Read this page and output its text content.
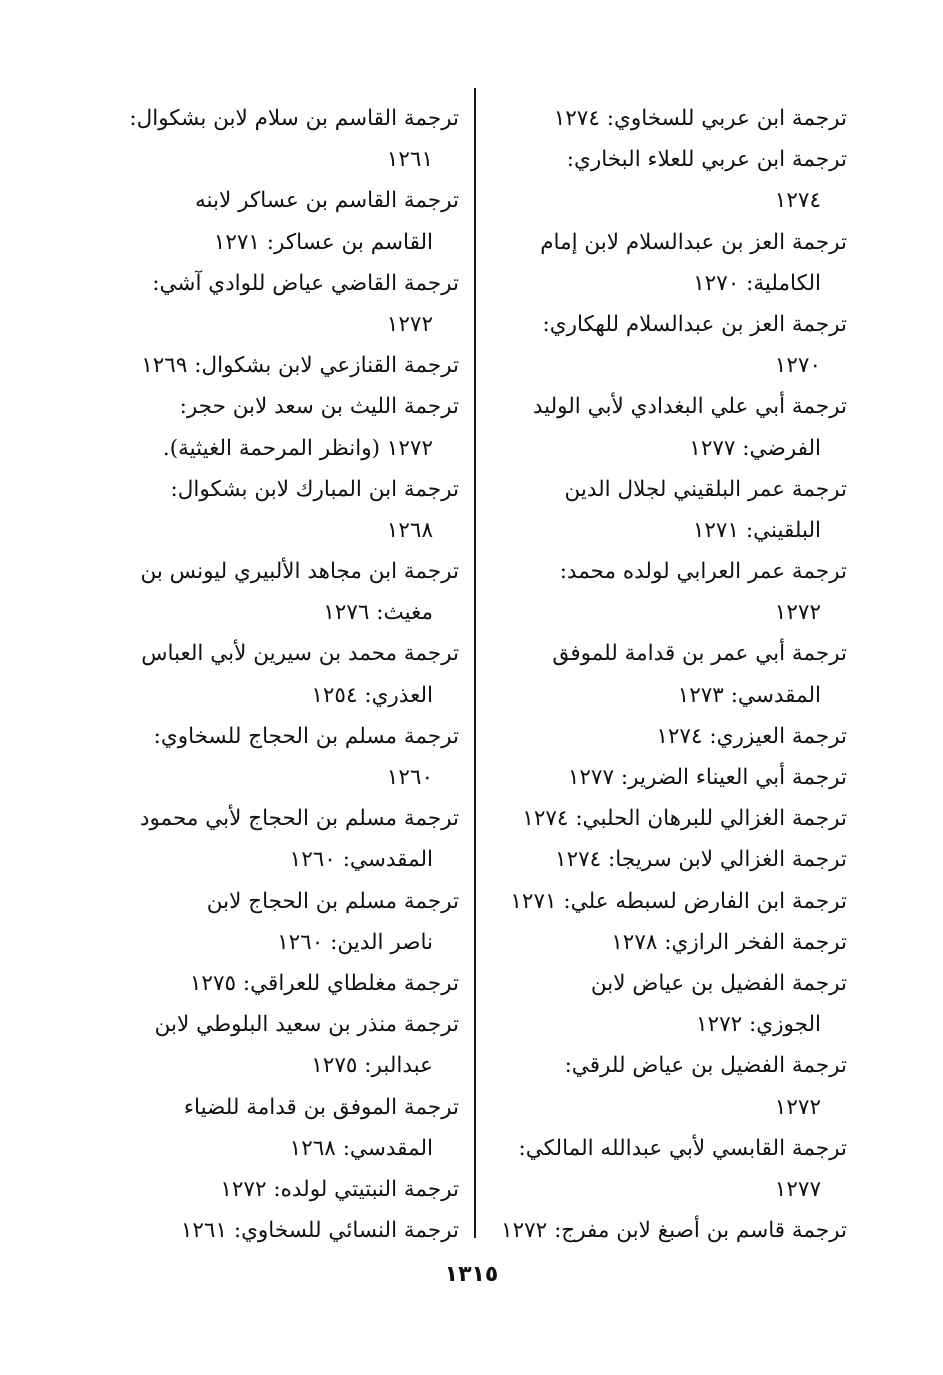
ترجمة ابن عربي للسخاوي: ١٢٧٤
ترجمة ابن عربي للعلاء البخاري:
١٢٧٤
ترجمة العز بن عبدالسلام لابن إمام
الكاملية: ١٢٧٠
ترجمة العز بن عبدالسلام للهكاري:
١٢٧٠
ترجمة أبي علي البغدادي لأبي الوليد
الفرضي: ١٢٧٧
ترجمة عمر البلقيني لجلال الدين
البلقيني: ١٢٧١
ترجمة عمر العرابي لولده محمد:
١٢٧٢
ترجمة أبي عمر بن قدامة للموفق
المقدسي: ١٢٧٣
ترجمة العيزري: ١٢٧٤
ترجمة أبي العيناء الضرير: ١٢٧٧
ترجمة الغزالي للبرهان الحلبي: ١٢٧٤
ترجمة الغزالي لابن سريجا: ١٢٧٤
ترجمة ابن الفارض لسبطه علي: ١٢٧١
ترجمة الفخر الرازي: ١٢٧٨
ترجمة الفضيل بن عياض لابن
الجوزي: ١٢٧٢
ترجمة الفضيل بن عياض للرقي:
١٢٧٢
ترجمة القابسي لأبي عبدالله المالكي:
١٢٧٧
ترجمة قاسم بن أصبغ لابن مفرج: ١٢٧٢
ترجمة القاسم بن سلام لابن بشكوال:
١٢٦١
ترجمة القاسم بن عساكر لابنه
القاسم بن عساكر: ١٢٧١
ترجمة القاضي عياض للوادي آشي:
١٢٧٢
ترجمة القنازعي لابن بشكوال: ١٢٦٩
ترجمة الليث بن سعد لابن حجر:
١٢٧٢ (وانظر المرحمة الغيثية).
ترجمة ابن المبارك لابن بشكوال:
١٢٦٨
ترجمة ابن مجاهد الألبيري ليونس بن
مغيث: ١٢٧٦
ترجمة محمد بن سيرين لأبي العباس
العذري: ١٢٥٤
ترجمة مسلم بن الحجاج للسخاوي:
١٢٦٠
ترجمة مسلم بن الحجاج لأبي محمود
المقدسي: ١٢٦٠
ترجمة مسلم بن الحجاج لابن
ناصر الدين: ١٢٦٠
ترجمة مغلطاي للعراقي: ١٢٧٥
ترجمة منذر بن سعيد البلوطي لابن
عبدالبر: ١٢٧٥
ترجمة الموفق بن قدامة للضياء
المقدسي: ١٢٦٨
ترجمة النبتيتي لولده: ١٢٧٢
ترجمة النسائي للسخاوي: ١٢٦١
١٣١٥
